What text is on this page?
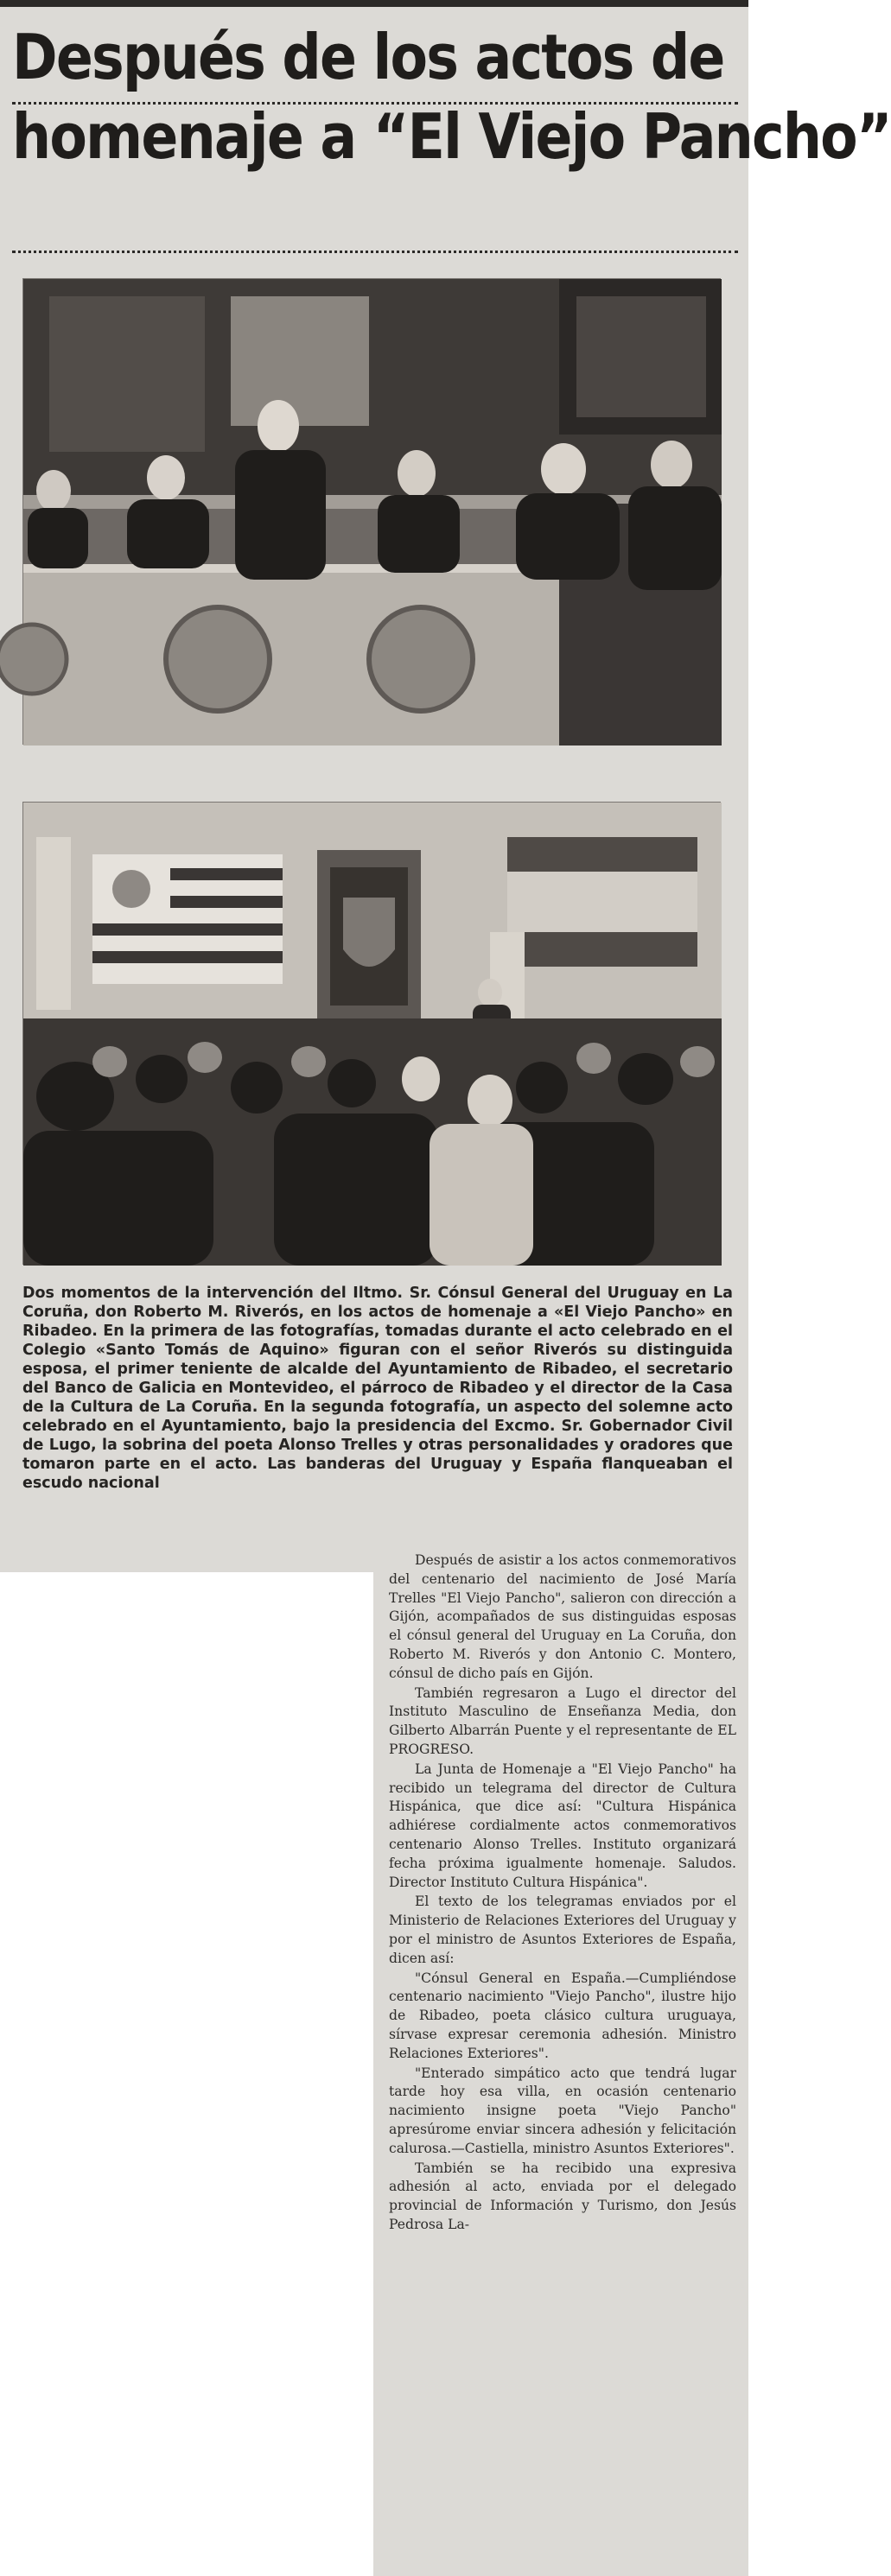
Después de los actos de
homenaje a “El Viejo Pancho”

Dos momentos de la intervención del Iltmo. Sr. Cónsul General del Uruguay en La Coruña, don Roberto M. Riverós, en los actos de homenaje a «El Viejo Pancho» en Ribadeo. En la primera de las fotografías, tomadas durante el acto celebrado en el Colegio «Santo Tomás de Aquino» figuran con el señor Riverós su distinguida esposa, el primer teniente de alcalde del Ayuntamiento de Ribadeo, el secretario del Banco de Galicia en Montevideo, el párroco de Ribadeo y el director de la Casa de la Cultura de La Coruña. En la segunda fotografía, un aspecto del solemne acto celebrado en el Ayuntamiento, bajo la presidencia del Excmo. Sr. Gobernador Civil de Lugo, la sobrina del poeta Alonso Trelles y otras personalidades y oradores que tomaron parte en el acto. Las banderas del Uruguay y España flanqueaban el escudo nacional

Después de asistir a los actos conmemorativos del centenario del nacimiento de José María Trelles "El Viejo Pancho", salieron con dirección a Gijón, acompañados de sus distinguidas esposas el cónsul general del Uruguay en La Coruña, don Roberto M. Riverós y don Antonio C. Montero, cónsul de dicho país en Gijón.

También regresaron a Lugo el director del Instituto Masculino de Enseñanza Media, don Gilberto Albarrán Puente y el representante de EL PROGRESO.

La Junta de Homenaje a "El Viejo Pancho" ha recibido un telegrama del director de Cultura Hispánica, que dice así: "Cultura Hispánica adhiérese cordialmente actos conmemorativos centenario Alonso Trelles. Instituto organizará fecha próxima igualmente homenaje. Saludos. Director Instituto Cultura Hispánica".

El texto de los telegramas enviados por el Ministerio de Relaciones Exteriores del Uruguay y por el ministro de Asuntos Exteriores de España, dicen así:

"Cónsul General en España.—Cumpliéndose centenario nacimiento "Viejo Pancho", ilustre hijo de Ribadeo, poeta clásico cultura uruguaya, sírvase expresar ceremonia adhesión. Ministro Relaciones Exteriores".

"Enterado simpático acto que tendrá lugar tarde hoy esa villa, en ocasión centenario nacimiento insigne poeta "Viejo Pancho" apresúrome enviar sincera adhesión y felicitación calurosa.—Castiella, ministro Asuntos Exteriores".

También se ha recibido una expresiva adhesión al acto, enviada por el delegado provincial de Información y Turismo, don Jesús Pedrosa La-
